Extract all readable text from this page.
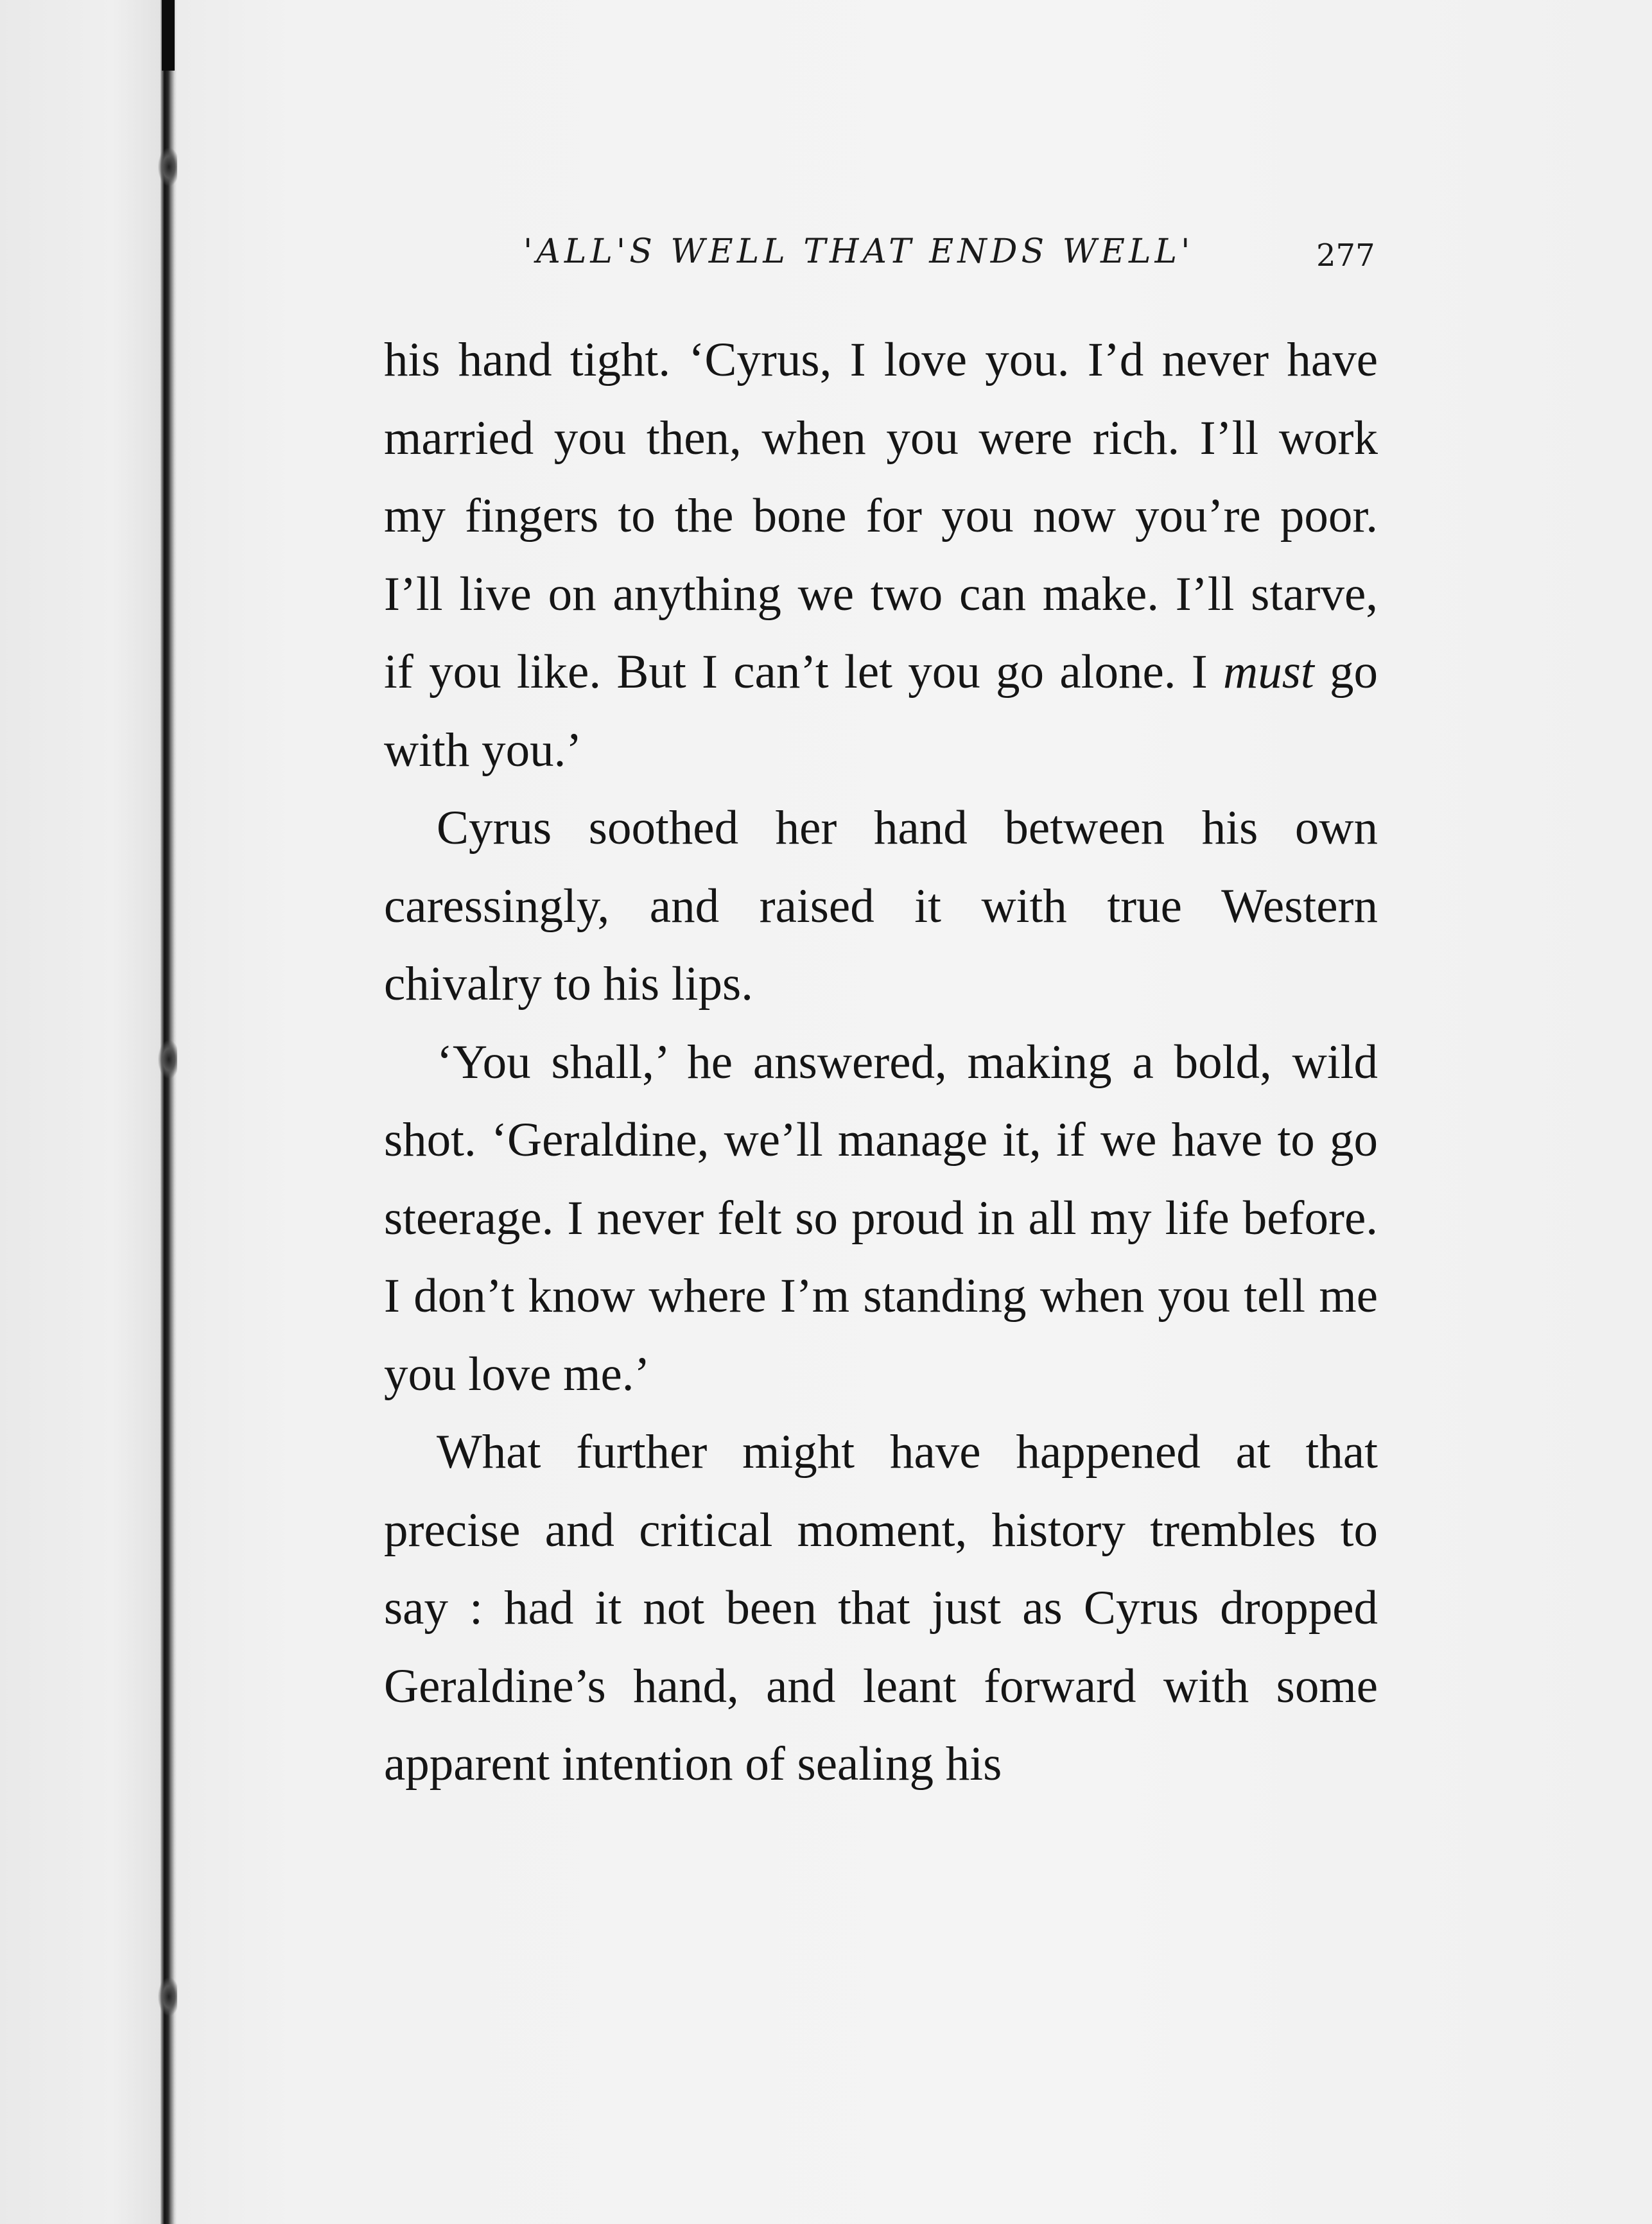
'ALL'S WELL THAT ENDS WELL'	277

his hand tight. ‘Cyrus, I love you. I’d never have married you then, when you were rich. I’ll work my fingers to the bone for you now you’re poor. I’ll live on anything we two can make. I’ll starve, if you like. But I can’t let you go alone. I must go with you.’

Cyrus soothed her hand between his own caressingly, and raised it with true Western chivalry to his lips.

‘You shall,’ he answered, making a bold, wild shot. ‘Geraldine, we’ll manage it, if we have to go steerage. I never felt so proud in all my life before. I don’t know where I’m standing when you tell me you love me.’

What further might have happened at that precise and critical moment, history trembles to say : had it not been that just as Cyrus dropped Geraldine’s hand, and leant forward with some apparent intention of sealing his
